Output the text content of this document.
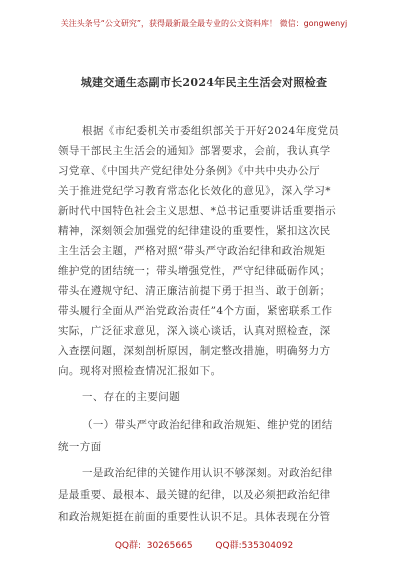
关注头条号“公文研究”，获得最新最全最专业的公文资料库！ 微信：gongwenyj
城建交通生态副市长2024年民主生活会对照检查
根据《市纪委机关市委组织部关于开好2024年度党员
领导干部民主生活会的通知》部署要求，会前，我认真学
习党章、《中国共产党纪律处分条例》《中共中央办公厅
关于推进党纪学习教育常态化长效化的意见》，深入学习*
新时代中国特色社会主义思想、*总书记重要讲话重要指示
精神，深刻领会加强党的纪律建设的重要性，紧扣这次民
主生活会主题，严格对照“带头严守政治纪律和政治规矩
维护党的团结统一；带头增强党性，严守纪律砥砺作风；
带头在遵规守纪、清正廉洁前提下勇于担当、敢于创新；
带头履行全面从严治党政治责任”4个方面，紧密联系工作
实际，广泛征求意见，深入谈心谈话，认真对照检查，深
入查摆问题，深刻剖析原因，制定整改措施，明确努力方
向。现将对照检查情况汇报如下。
一、存在的主要问题
（一）带头严守政治纪律和政治规矩、维护党的团结
统一方面
一是政治纪律的关键作用认识不够深刻。对政治纪律
是最重要、最根本、最关键的纪律，以及必须把政治纪律
和政治规矩挺在前面的重要性认识不足。具体表现在分管
QQ群:  30265665        QQ群:535304092
